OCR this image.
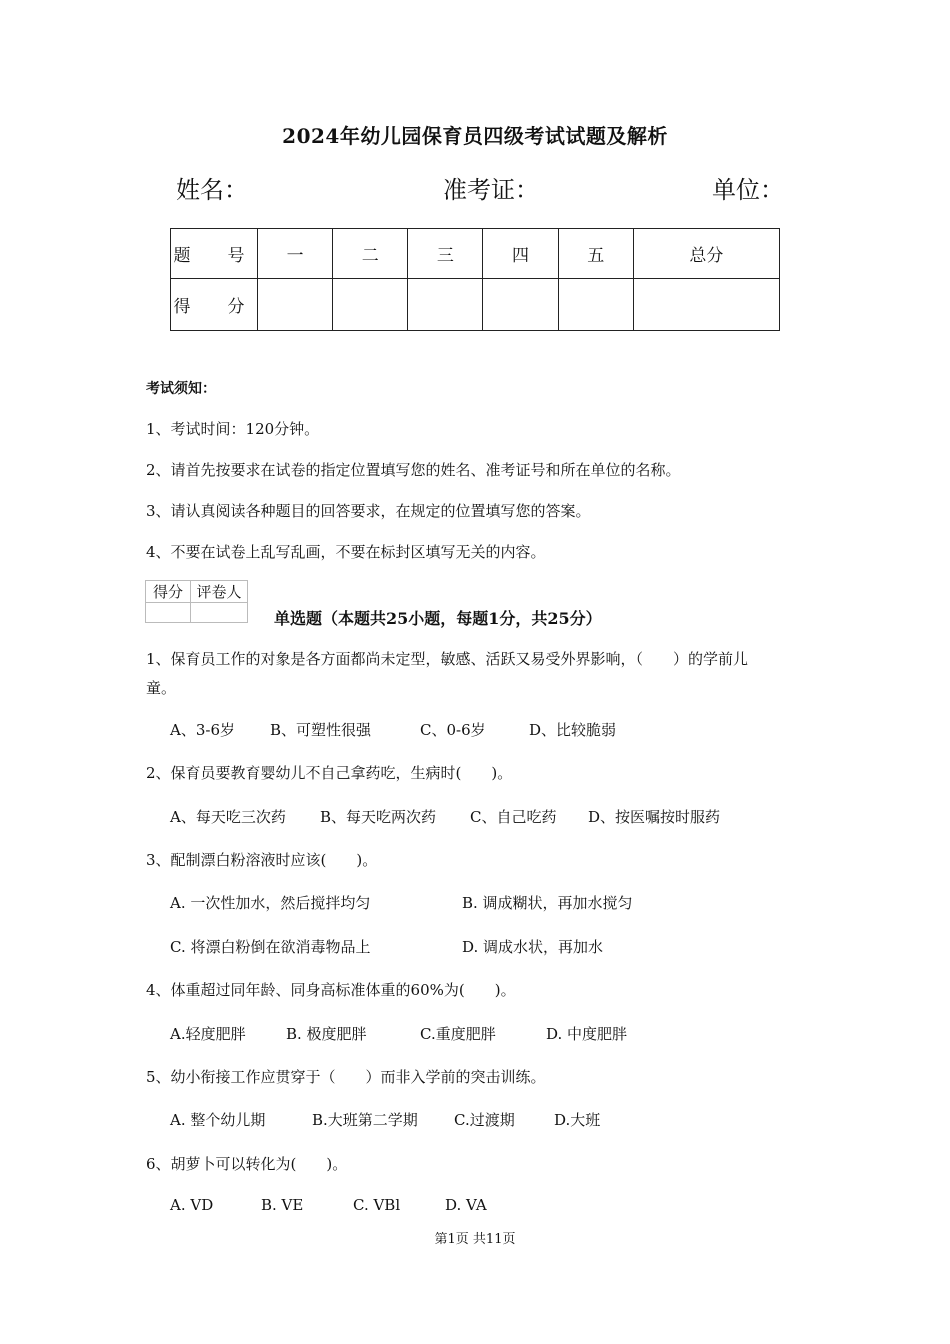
2024年幼儿园保育员四级考试试题及解析
姓名：	准考证：	单位：
题　号	一	二	三	四	五	总分
得　分						
考试须知：
1、考试时间：120分钟。
2、请首先按要求在试卷的指定位置填写您的姓名、准考证号和所在单位的名称。
3、请认真阅读各种题目的回答要求，在规定的位置填写您的答案。
4、不要在试卷上乱写乱画，不要在标封区填写无关的内容。
得分	评卷人

单选题（本题共25小题，每题1分，共25分）
1、保育员工作的对象是各方面都尚未定型，敏感、活跃又易受外界影响，（　　）的学前儿
童。
A、3-6岁 B、可塑性很强	C、0-6岁	D、比较脆弱
2、保育员要教育婴幼儿不自己拿药吃，生病时(　　)。
A、每天吃三次药 B、每天吃两次药 C、自己吃药 D、按医嘱按时服药
3、配制漂白粉溶液时应该(　　)。
A. 一次性加水，然后搅拌均匀	B. 调成糊状，再加水搅匀
C. 将漂白粉倒在欲消毒物品上	D. 调成水状，再加水
4、体重超过同年龄、同身高标准体重的60%为(　　)。
A.轻度肥胖	B. 极度肥胖	C.重度肥胖	D. 中度肥胖
5、幼小衔接工作应贯穿于（　　）而非入学前的突击训练。
A. 整个幼儿期	B.大班第二学期 C.过渡期	D.大班
6、胡萝卜可以转化为(　　)。
A. VD	B. VE	C. VBl	D. VA
第1页 共11页
